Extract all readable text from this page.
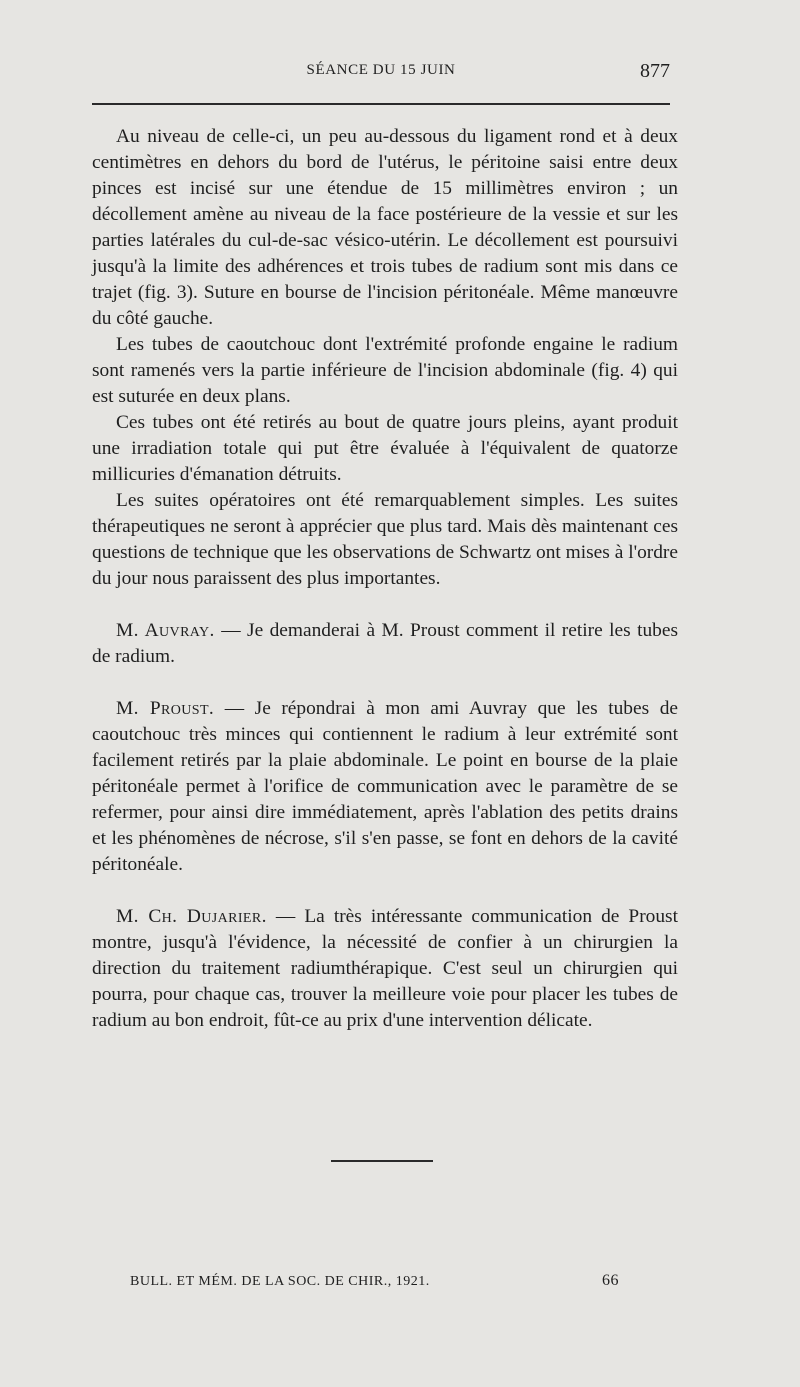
SÉANCE DU 15 JUIN	877

Au niveau de celle-ci, un peu au-dessous du ligament rond et à deux centimètres en dehors du bord de l'utérus, le péritoine saisi entre deux pinces est incisé sur une étendue de 15 millimètres environ ; un décollement amène au niveau de la face postérieure de la vessie et sur les parties latérales du cul-de-sac vésico-utérin. Le décollement est poursuivi jusqu'à la limite des adhérences et trois tubes de radium sont mis dans ce trajet (fig. 3). Suture en bourse de l'incision péritonéale. Même manœuvre du côté gauche.

Les tubes de caoutchouc dont l'extrémité profonde engaine le radium sont ramenés vers la partie inférieure de l'incision abdominale (fig. 4) qui est suturée en deux plans.

Ces tubes ont été retirés au bout de quatre jours pleins, ayant produit une irradiation totale qui put être évaluée à l'équivalent de quatorze millicuries d'émanation détruits.

Les suites opératoires ont été remarquablement simples. Les suites thérapeutiques ne seront à apprécier que plus tard. Mais dès maintenant ces questions de technique que les observations de Schwartz ont mises à l'ordre du jour nous paraissent des plus importantes.

M. Auvray. — Je demanderai à M. Proust comment il retire les tubes de radium.

M. Proust. — Je répondrai à mon ami Auvray que les tubes de caoutchouc très minces qui contiennent le radium à leur extrémité sont facilement retirés par la plaie abdominale. Le point en bourse de la plaie péritonéale permet à l'orifice de communication avec le paramètre de se refermer, pour ainsi dire immédiatement, après l'ablation des petits drains et les phénomènes de nécrose, s'il s'en passe, se font en dehors de la cavité péritonéale.

M. Ch. Dujarier. — La très intéressante communication de Proust montre, jusqu'à l'évidence, la nécessité de confier à un chirurgien la direction du traitement radiumthérapique. C'est seul un chirurgien qui pourra, pour chaque cas, trouver la meilleure voie pour placer les tubes de radium au bon endroit, fût-ce au prix d'une intervention délicate.

BULL. ET MÉM. DE LA SOC. DE CHIR., 1921.	66
